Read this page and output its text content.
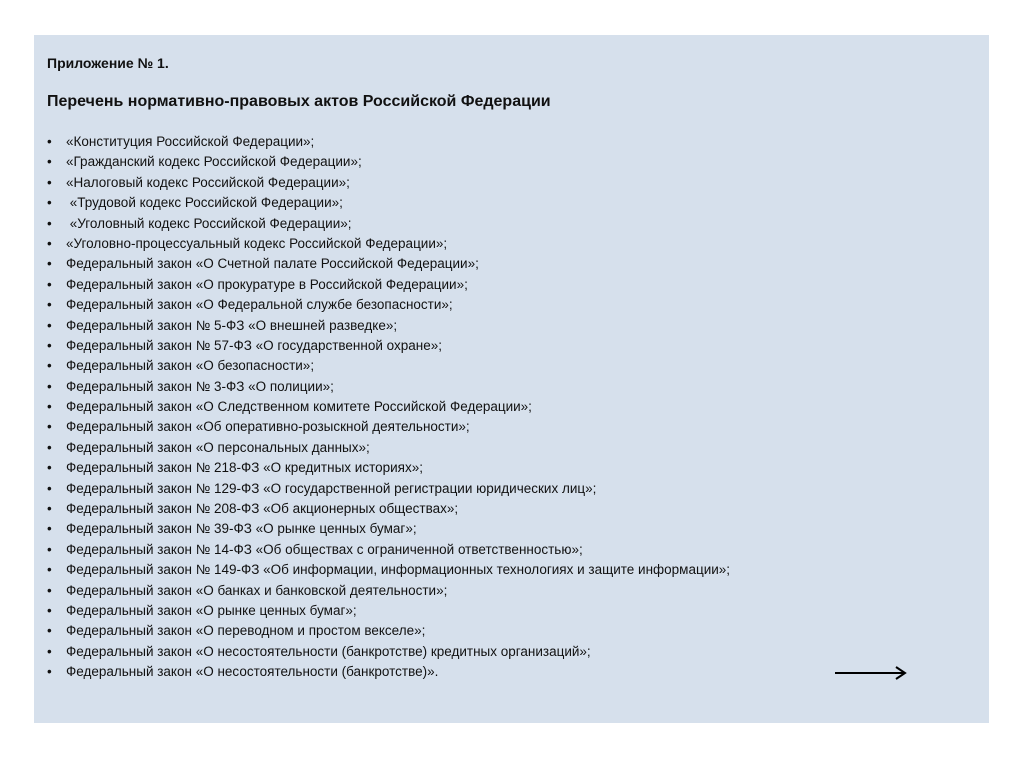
Приложение № 1.
Перечень нормативно-правовых актов Российской Федерации
• «Конституция Российской Федерации»;
• «Гражданский кодекс Российской Федерации»;
• «Налоговый кодекс Российской Федерации»;
• «Трудовой кодекс Российской Федерации»;
• «Уголовный кодекс Российской Федерации»;
• «Уголовно-процессуальный кодекс Российской Федерации»;
• Федеральный закон «О Счетной палате Российской Федерации»;
• Федеральный закон «О прокуратуре в Российской Федерации»;
• Федеральный закон «О Федеральной службе безопасности»;
• Федеральный закон № 5-ФЗ «О внешней разведке»;
• Федеральный закон № 57-ФЗ «О государственной охране»;
• Федеральный закон «О безопасности»;
• Федеральный закон № 3-ФЗ «О полиции»;
• Федеральный закон «О Следственном комитете Российской Федерации»;
• Федеральный закон «Об оперативно-розыскной деятельности»;
• Федеральный закон «О персональных данных»;
• Федеральный закон № 218-ФЗ «О кредитных историях»;
• Федеральный закон № 129-ФЗ «О государственной регистрации юридических лиц»;
• Федеральный закон № 208-ФЗ «Об акционерных обществах»;
• Федеральный закон № 39-ФЗ «О рынке ценных бумаг»;
• Федеральный закон № 14-ФЗ «Об обществах с ограниченной ответственностью»;
• Федеральный закон № 149-ФЗ «Об информации, информационных технологиях и защите информации»;
• Федеральный закон «О банках и банковской деятельности»;
• Федеральный закон «О рынке ценных бумаг»;
• Федеральный закон «О переводном и простом векселе»;
• Федеральный закон «О несостоятельности (банкротстве) кредитных организаций»;
• Федеральный закон «О несостоятельности (банкротстве)».
